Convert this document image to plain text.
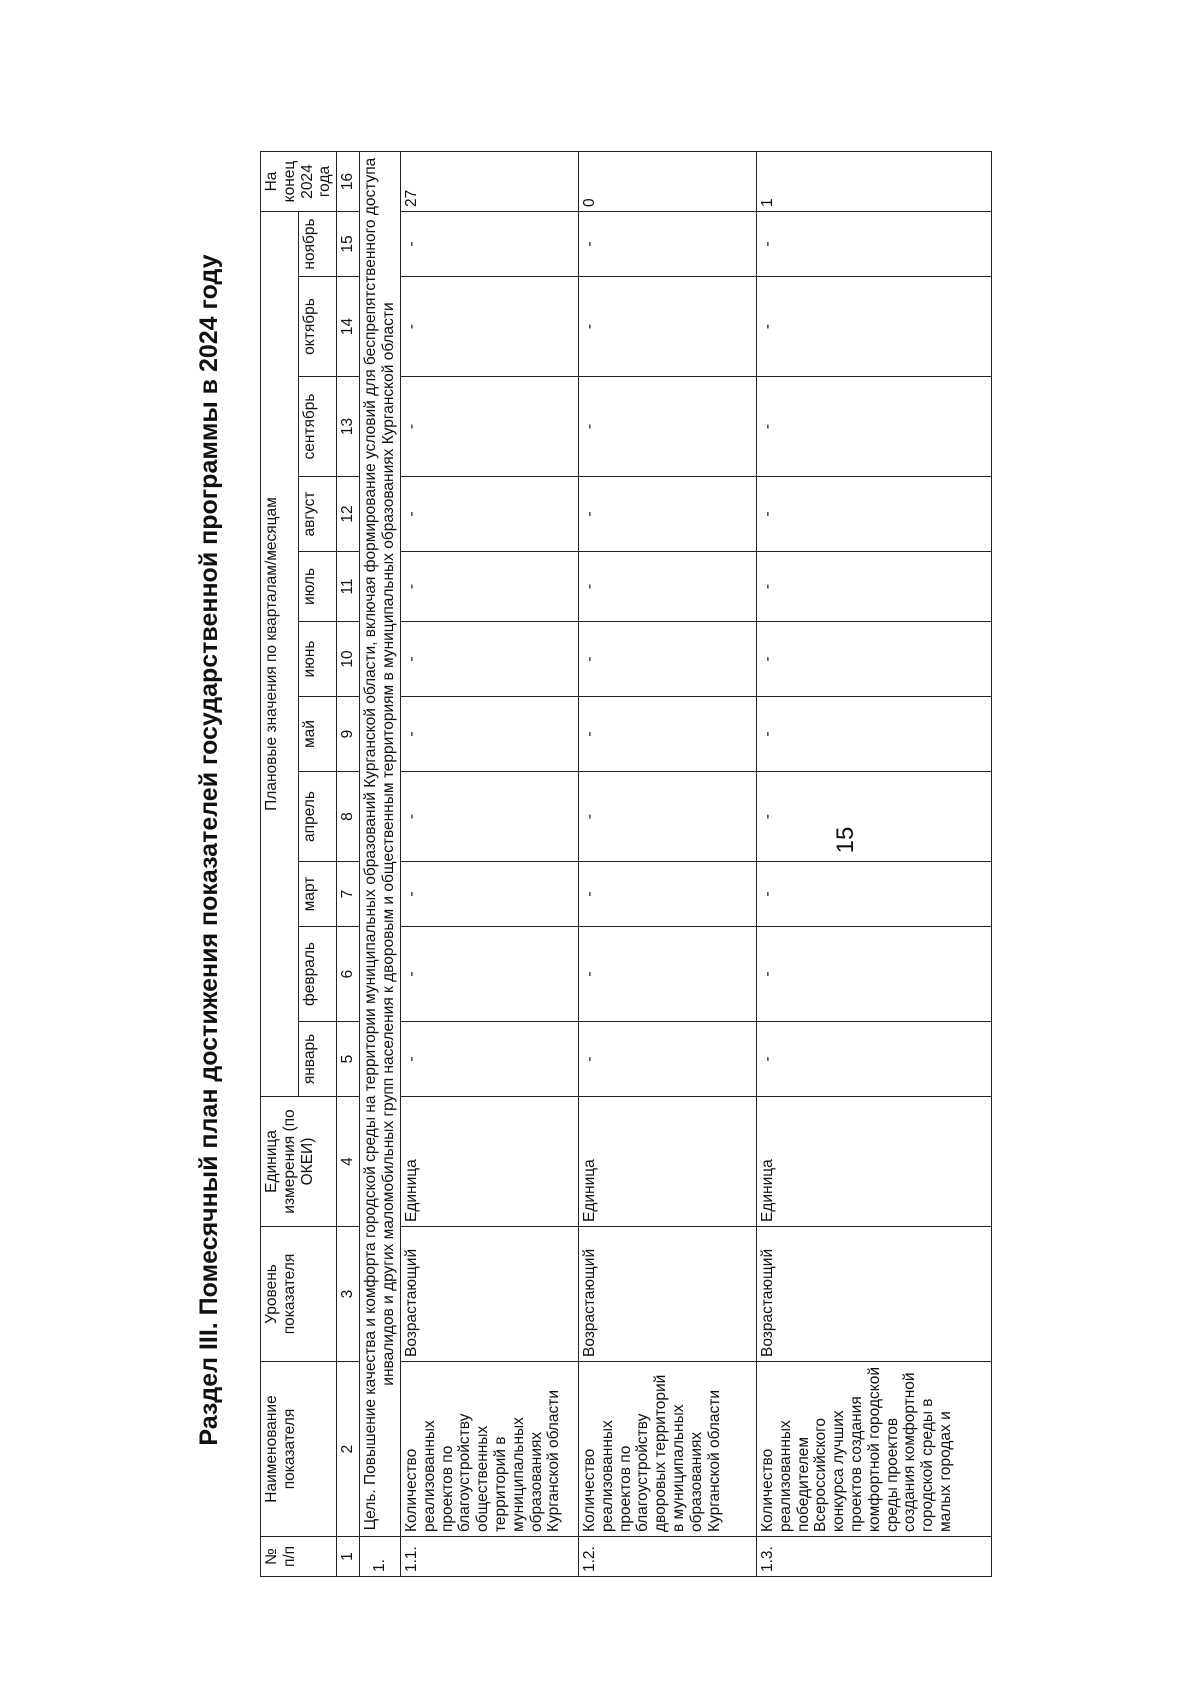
15
Раздел III. Помесячный план достижения показателей государственной программы в 2024 году
№ п/п	Наименование показателя	Уровень показателя	Единица измерения (по ОКЕИ)	Плановые значения по кварталам/месяцам											На конец 2024 года
				январь	февраль	март	апрель	май	июнь	июль	август	сентябрь	октябрь	ноябрь	
1	2	3	4	5	6	7	8	9	10	11	12	13	14	15	16
1.	Цель. Повышение качества и комфорта городской среды на территории муниципальных образований Курганской области, включая формирование условий для беспрепятственного доступа инвалидов и других маломобильных групп населения к дворовым и общественным территориям в муниципальных образованиях Курганской области														
1.1.	Количество реализованных проектов по благоустройству общественных территорий в муниципальных образованиях Курганской области	Возрастающий	Единица	-	-	-	-	-	-	-	-	-	-	-	27
1.2.	Количество реализованных проектов по благоустройству дворовых территорий в муниципальных образованиях Курганской области	Возрастающий	Единица	-	-	-	-	-	-	-	-	-	-	-	0
1.3.	Количество реализованных победителем Всероссийского конкурса лучших проектов создания комфортной городской среды проектов создания комфортной городской среды в малых городах и	Возрастающий	Единица	-	-	-	-	-	-	-	-	-	-	-	1
